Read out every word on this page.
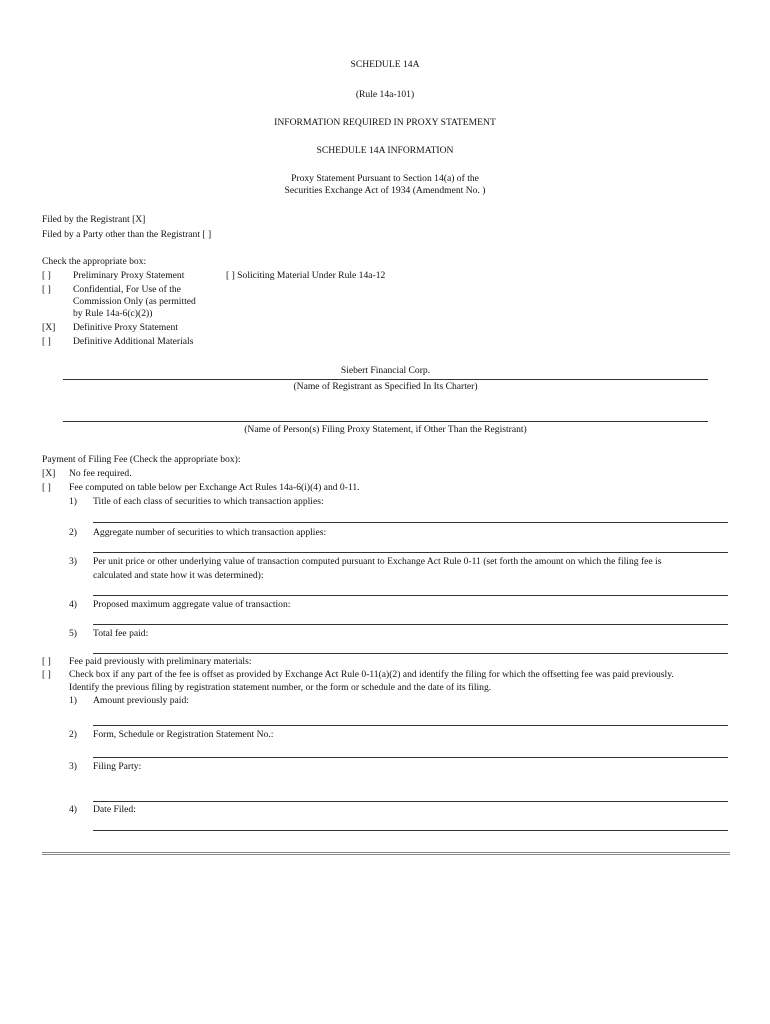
SCHEDULE 14A
(Rule 14a-101)
INFORMATION REQUIRED IN PROXY STATEMENT
SCHEDULE 14A INFORMATION
Proxy Statement Pursuant to Section 14(a) of the
Securities Exchange Act of 1934 (Amendment No. )
Filed by the Registrant [X]
Filed by a Party other than the Registrant [ ]
Check the appropriate box:
[ ] Preliminary Proxy Statement	[ ] Soliciting Material Under Rule 14a-12
[ ] Confidential, For Use of the
Commission Only (as permitted
by Rule 14a-6(c)(2))
[X] Definitive Proxy Statement
[ ] Definitive Additional Materials
Siebert Financial Corp.
(Name of Registrant as Specified In Its Charter)
(Name of Person(s) Filing Proxy Statement, if Other Than the Registrant)
Payment of Filing Fee (Check the appropriate box):
[X] No fee required.
[ ] Fee computed on table below per Exchange Act Rules 14a-6(i)(4) and 0-11.
1) Title of each class of securities to which transaction applies:
2) Aggregate number of securities to which transaction applies:
3) Per unit price or other underlying value of transaction computed pursuant to Exchange Act Rule 0-11 (set forth the amount on which the filing fee is
calculated and state how it was determined):
4) Proposed maximum aggregate value of transaction:
5) Total fee paid:
[ ] Fee paid previously with preliminary materials:
[ ] Check box if any part of the fee is offset as provided by Exchange Act Rule 0-11(a)(2) and identify the filing for which the offsetting fee was paid previously.
Identify the previous filing by registration statement number, or the form or schedule and the date of its filing.
1) Amount previously paid:
2) Form, Schedule or Registration Statement No.:
3) Filing Party:
4) Date Filed:
